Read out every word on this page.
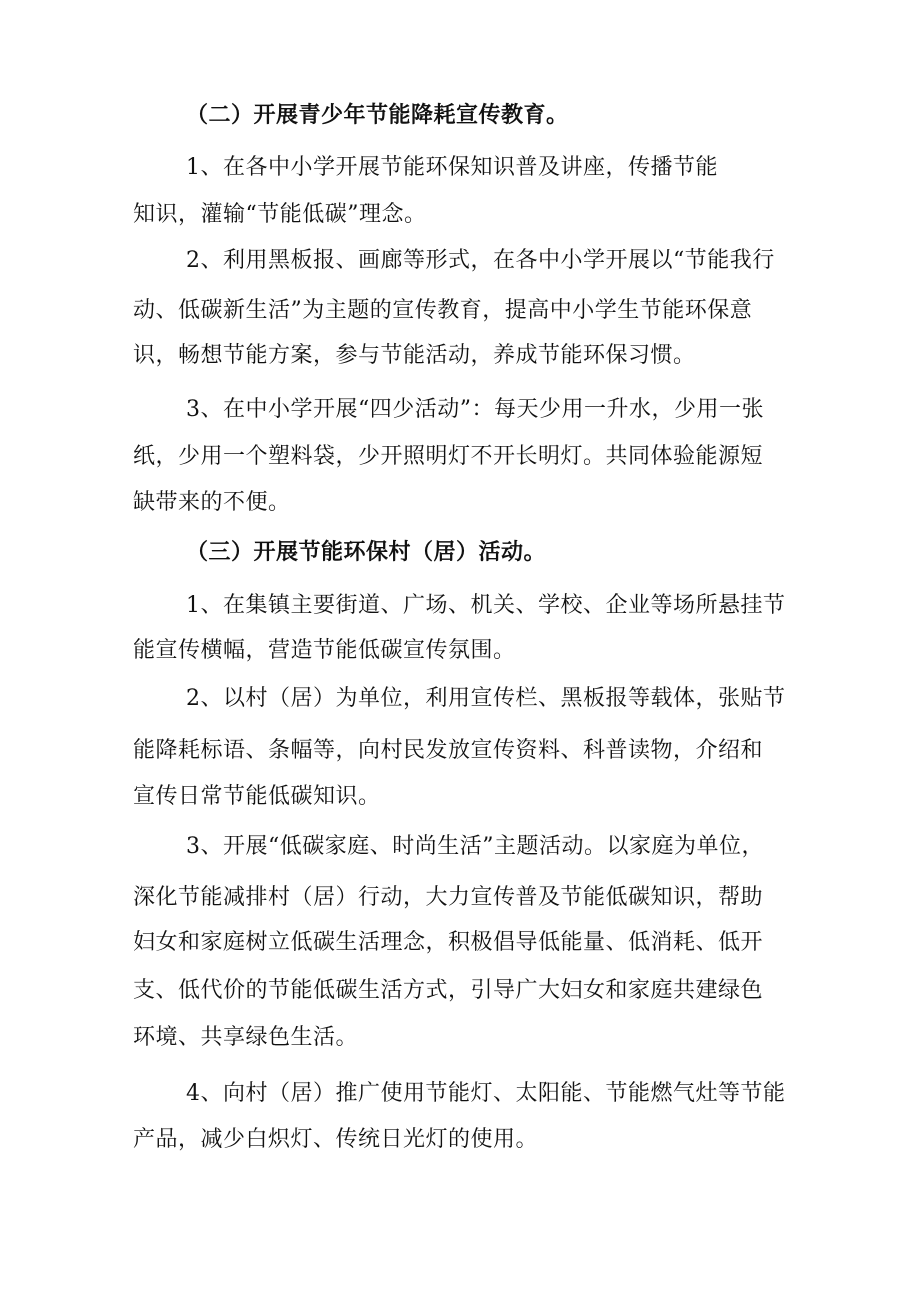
（二）开展青少年节能降耗宣传教育。
1、在各中小学开展节能环保知识普及讲座，传播节能
知识，灌输“节能低碳”理念。
2、利用黑板报、画廊等形式，在各中小学开展以“节能我行
动、低碳新生活”为主题的宣传教育，提高中小学生节能环保意
识，畅想节能方案，参与节能活动，养成节能环保习惯。
3、在中小学开展“四少活动”：每天少用一升水，少用一张
纸，少用一个塑料袋，少开照明灯不开长明灯。共同体验能源短
缺带来的不便。
（三）开展节能环保村（居）活动。
1、在集镇主要街道、广场、机关、学校、企业等场所悬挂节
能宣传横幅，营造节能低碳宣传氛围。
2、以村（居）为单位，利用宣传栏、黑板报等载体，张贴节
能降耗标语、条幅等，向村民发放宣传资料、科普读物，介绍和
宣传日常节能低碳知识。
3、开展“低碳家庭、时尚生活”主题活动。以家庭为单位，
深化节能减排村（居）行动，大力宣传普及节能低碳知识，帮助
妇女和家庭树立低碳生活理念，积极倡导低能量、低消耗、低开
支、低代价的节能低碳生活方式，引导广大妇女和家庭共建绿色
环境、共享绿色生活。
4、向村（居）推广使用节能灯、太阳能、节能燃气灶等节能
产品，减少白炽灯、传统日光灯的使用。
